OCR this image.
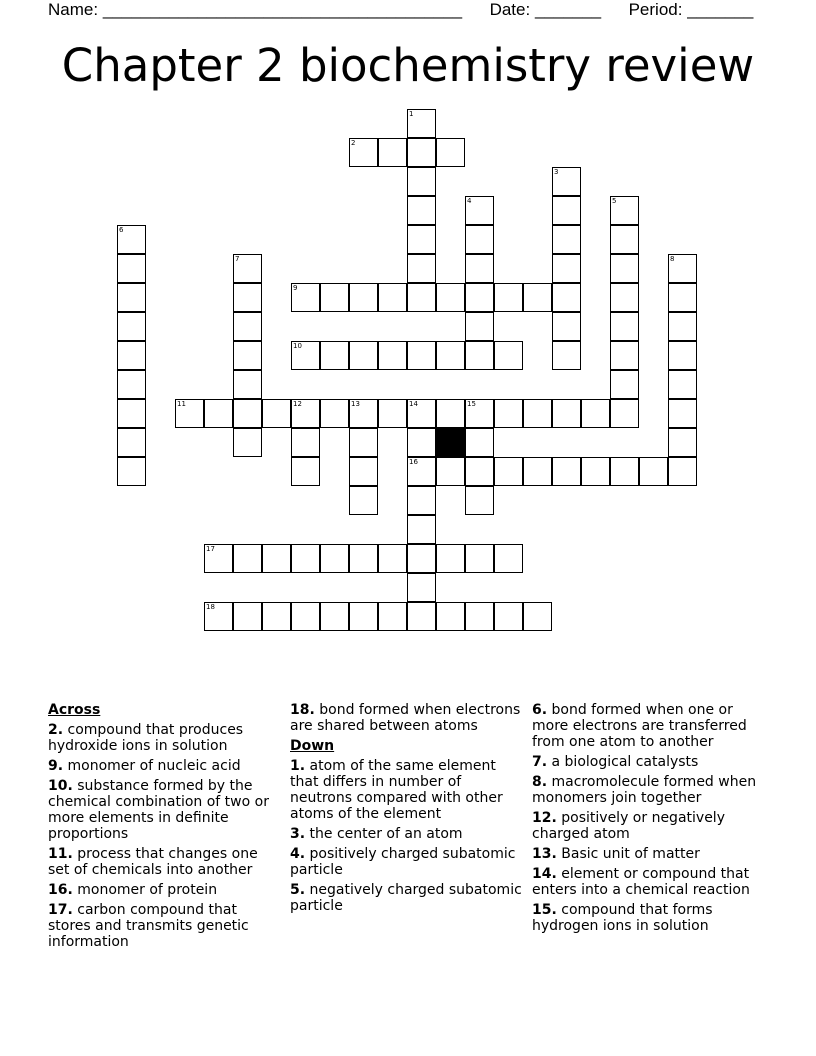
Name: ______________________________________ Date: _______ Period: _______
Chapter 2 biochemistry review
1
2
3
4	5
6
7	8
9
10
11	12	13	14	15
16
17
18
Across
2. compound that produces hydroxide ions in solution
9. monomer of nucleic acid
10. substance formed by the chemical combination of two or more elements in definite proportions
11. process that changes one set of chemicals into another
16. monomer of protein
17. carbon compound that stores and transmits genetic information
18. bond formed when electrons are shared between atoms
Down
1. atom of the same element that differs in number of neutrons compared with other atoms of the element
3. the center of an atom
4. positively charged subatomic particle
5. negatively charged subatomic particle
6. bond formed when one or more electrons are transferred from one atom to another
7. a biological catalysts
8. macromolecule formed when monomers join together
12. positively or negatively charged atom
13. Basic unit of matter
14. element or compound that enters into a chemical reaction
15. compound that forms hydrogen ions in solution
